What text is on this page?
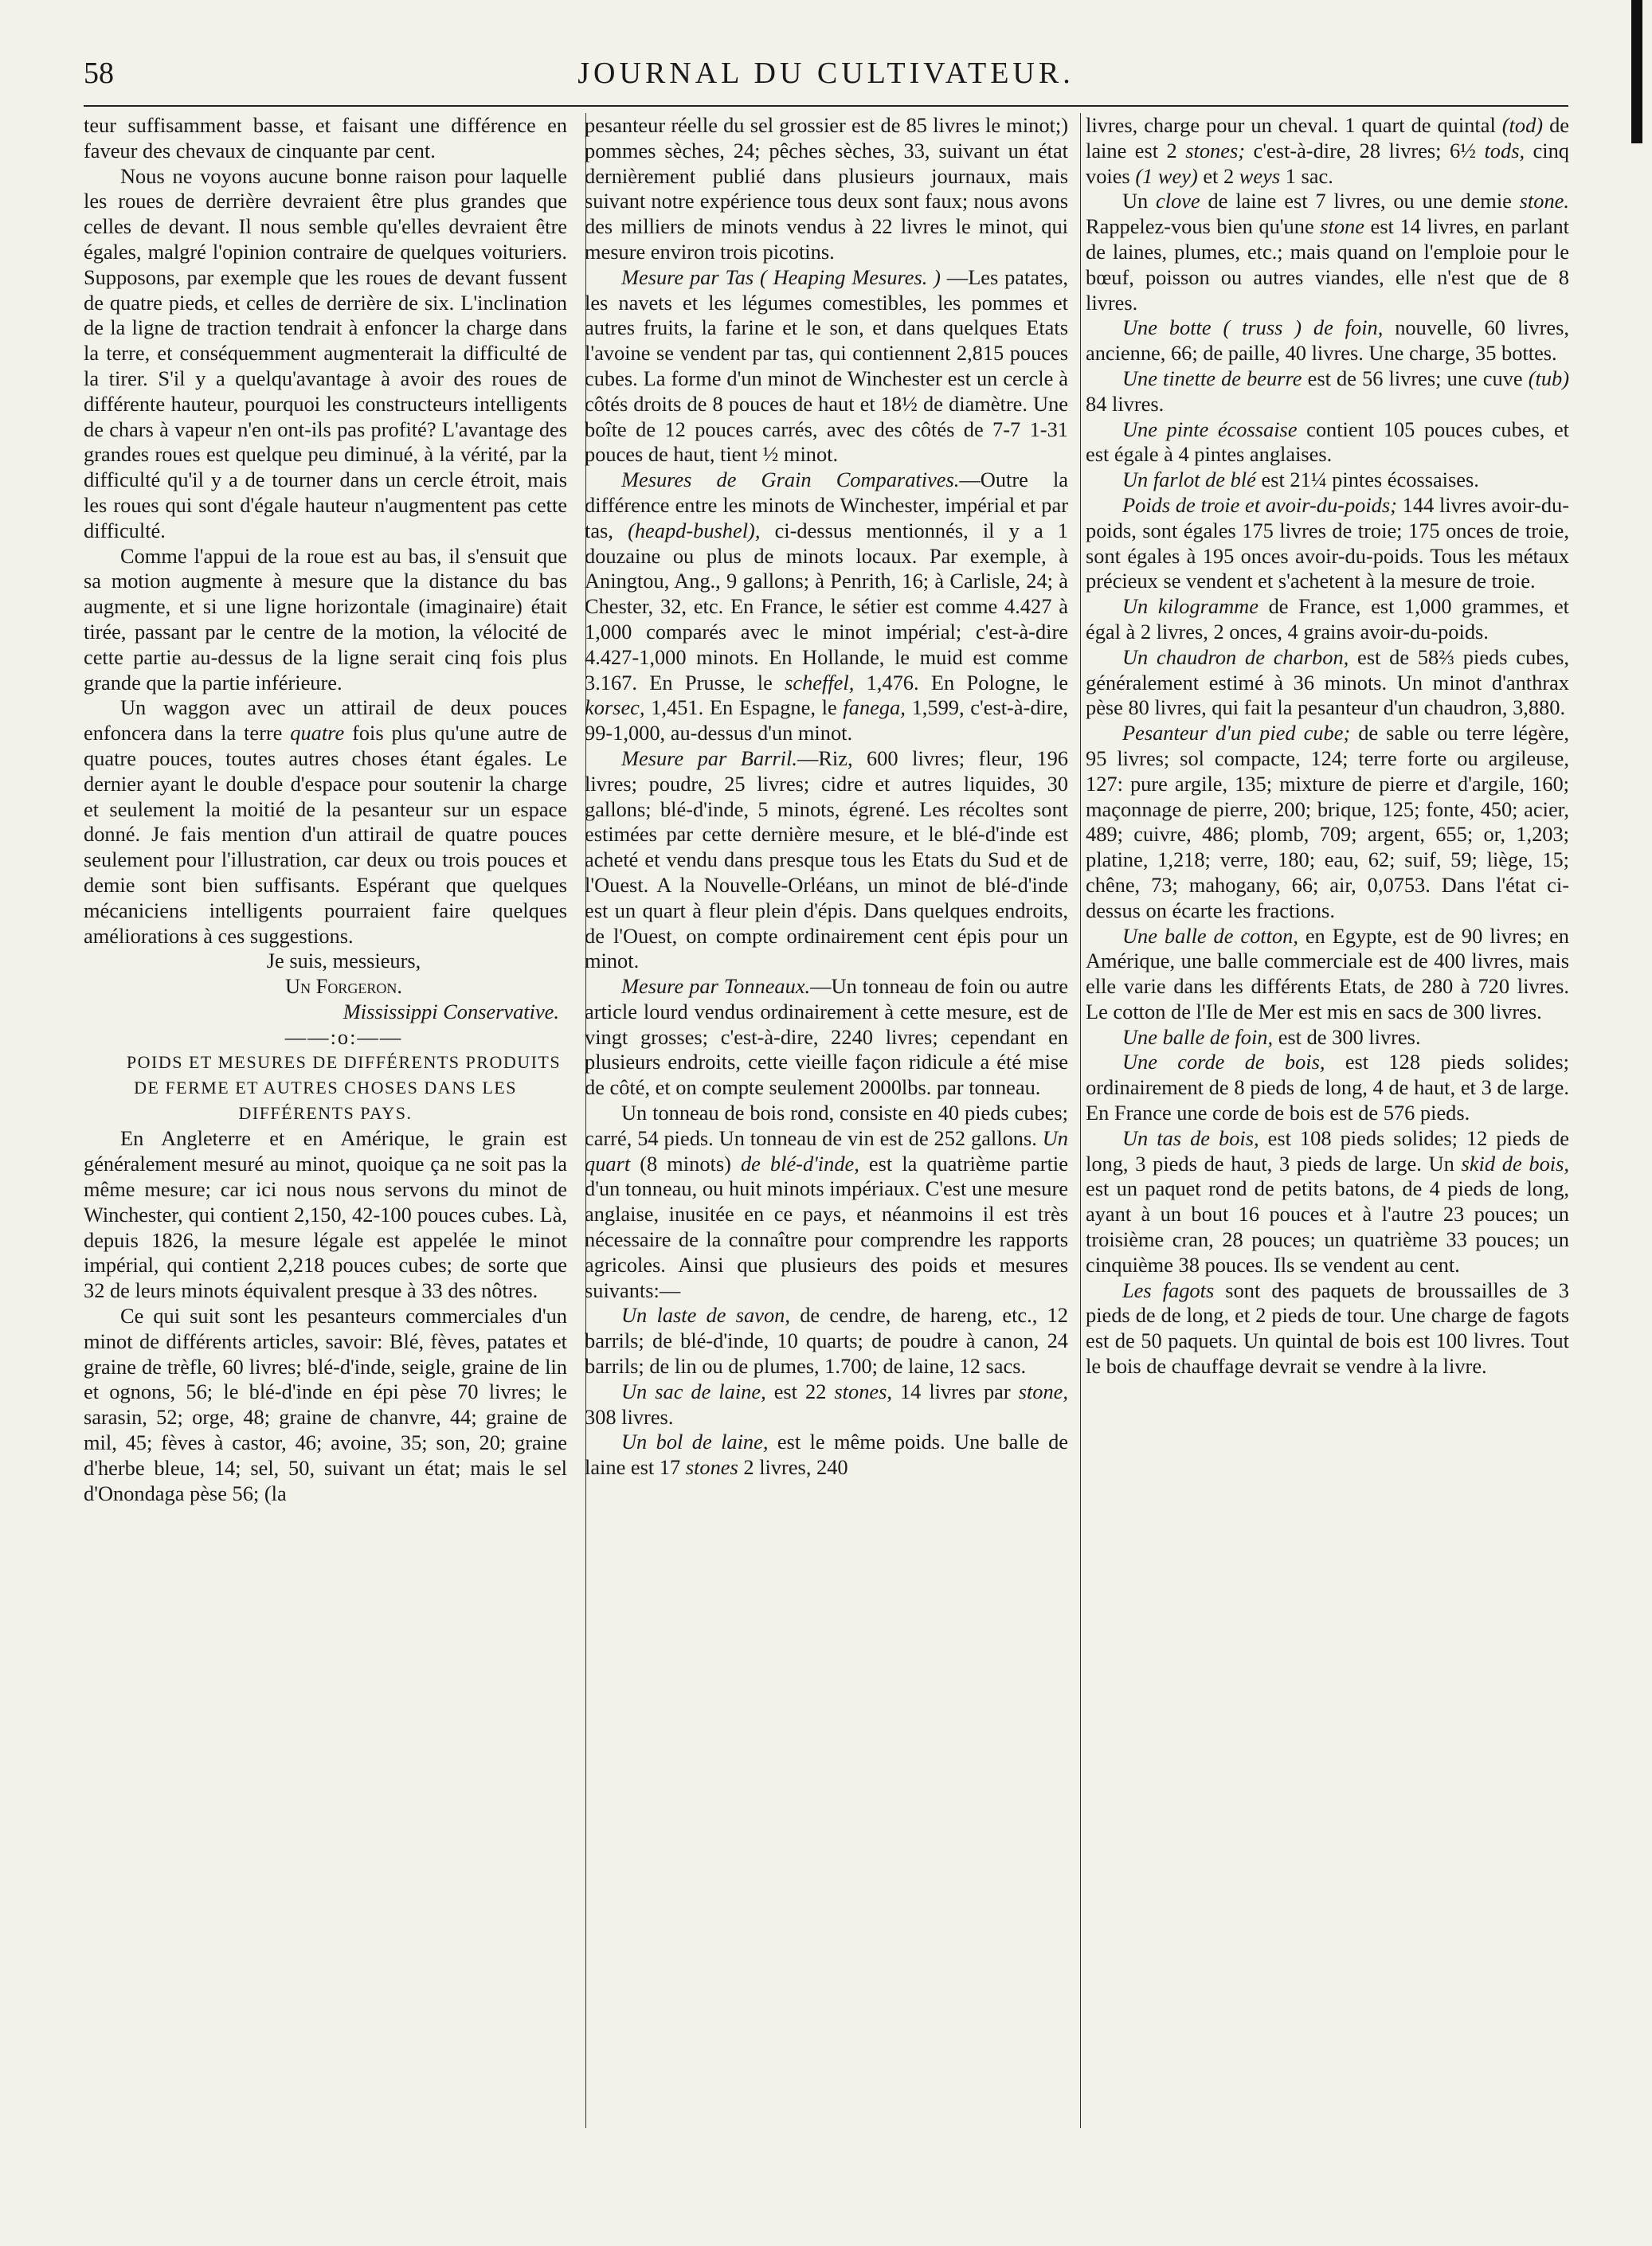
58	JOURNAL DU CULTIVATEUR.

teur suffisamment basse, et faisant une différence en faveur des chevaux de cinquante par cent.

Nous ne voyons aucune bonne raison pour laquelle les roues de derrière devraient être plus grandes que celles de devant. Il nous semble qu'elles devraient être égales, malgré l'opinion contraire de quelques voituriers. Supposons, par exemple que les roues de devant fussent de quatre pieds, et celles de derrière de six. L'inclination de la ligne de traction tendrait à enfoncer la charge dans la terre, et conséquemment augmenterait la difficulté de la tirer. S'il y a quelqu'avantage à avoir des roues de différente hauteur, pourquoi les constructeurs intelligents de chars à vapeur n'en ont-ils pas profité? L'avantage des grandes roues est quelque peu diminué, à la vérité, par la difficulté qu'il y a de tourner dans un cercle étroit, mais les roues qui sont d'égale hauteur n'augmentent pas cette difficulté.

Comme l'appui de la roue est au bas, il s'ensuit que sa motion augmente à mesure que la distance du bas augmente, et si une ligne horizontale (imaginaire) était tirée, passant par le centre de la motion, la vélocité de cette partie au-dessus de la ligne serait cinq fois plus grande que la partie inférieure.

Un waggon avec un attirail de deux pouces enfoncera dans la terre quatre fois plus qu'une autre de quatre pouces, toutes autres choses étant égales. Le dernier ayant le double d'espace pour soutenir la charge et seulement la moitié de la pesanteur sur un espace donné. Je fais mention d'un attirail de quatre pouces seulement pour l'illustration, car deux ou trois pouces et demie sont bien suffisants. Espérant que quelques mécaniciens intelligents pourraient faire quelques améliorations à ces suggestions.

Je suis, messieurs,

Un Forgeron.

Mississippi Conservative.

——:o:——

POIDS ET MESURES DE DIFFÉRENTS PRODUITS DE FERME ET AUTRES CHOSES DANS LES DIFFÉRENTS PAYS.

En Angleterre et en Amérique, le grain est généralement mesuré au minot, quoique ça ne soit pas la même mesure; car ici nous nous servons du minot de Winchester, qui contient 2,150, 42-100 pouces cubes. Là, depuis 1826, la mesure légale est appelée le minot impérial, qui contient 2,218 pouces cubes; de sorte que 32 de leurs minots équivalent presque à 33 des nôtres.

Ce qui suit sont les pesanteurs commerciales d'un minot de différents articles, savoir: Blé, fèves, patates et graine de trèfle, 60 livres; blé-d'inde, seigle, graine de lin et ognons, 56; le blé-d'inde en épi pèse 70 livres; le sarasin, 52; orge, 48; graine de chanvre, 44; graine de mil, 45; fèves à castor, 46; avoine, 35; son, 20; graine d'herbe bleue, 14; sel, 50, suivant un état; mais le sel d'Onondaga pèse 56; (la

pesanteur réelle du sel grossier est de 85 livres le minot;) pommes sèches, 24; pêches sèches, 33, suivant un état dernièrement publié dans plusieurs journaux, mais suivant notre expérience tous deux sont faux; nous avons des milliers de minots vendus à 22 livres le minot, qui mesure environ trois picotins.

Mesure par Tas ( Heaping Mesures. ) —Les patates, les navets et les légumes comestibles, les pommes et autres fruits, la farine et le son, et dans quelques Etats l'avoine se vendent par tas, qui contiennent 2,815 pouces cubes. La forme d'un minot de Winchester est un cercle à côtés droits de 8 pouces de haut et 18½ de diamètre. Une boîte de 12 pouces carrés, avec des côtés de 7-7 1-31 pouces de haut, tient ½ minot.

Mesures de Grain Comparatives.—Outre la différence entre les minots de Winchester, impérial et par tas, (heapd-bushel), ci-dessus mentionnés, il y a 1 douzaine ou plus de minots locaux. Par exemple, à Aningtou, Ang., 9 gallons; à Penrith, 16; à Carlisle, 24; à Chester, 32, etc. En France, le sétier est comme 4.427 à 1,000 comparés avec le minot impérial; c'est-à-dire 4.427-1,000 minots. En Hollande, le muid est comme 3.167. En Prusse, le scheffel, 1,476. En Pologne, le korsec, 1,451. En Espagne, le fanega, 1,599, c'est-à-dire, 99-1,000, au-dessus d'un minot.

Mesure par Barril.—Riz, 600 livres; fleur, 196 livres; poudre, 25 livres; cidre et autres liquides, 30 gallons; blé-d'inde, 5 minots, égrené. Les récoltes sont estimées par cette dernière mesure, et le blé-d'inde est acheté et vendu dans presque tous les Etats du Sud et de l'Ouest. A la Nouvelle-Orléans, un minot de blé-d'inde est un quart à fleur plein d'épis. Dans quelques endroits, de l'Ouest, on compte ordinairement cent épis pour un minot.

Mesure par Tonneaux.—Un tonneau de foin ou autre article lourd vendus ordinairement à cette mesure, est de vingt grosses; c'est-à-dire, 2240 livres; cependant en plusieurs endroits, cette vieille façon ridicule a été mise de côté, et on compte seulement 2000lbs. par tonneau.

Un tonneau de bois rond, consiste en 40 pieds cubes; carré, 54 pieds. Un tonneau de vin est de 252 gallons. Un quart (8 minots) de blé-d'inde, est la quatrième partie d'un tonneau, ou huit minots impériaux. C'est une mesure anglaise, inusitée en ce pays, et néanmoins il est très nécessaire de la connaître pour comprendre les rapports agricoles. Ainsi que plusieurs des poids et mesures suivants:—

Un laste de savon, de cendre, de hareng, etc., 12 barrils; de blé-d'inde, 10 quarts; de poudre à canon, 24 barrils; de lin ou de plumes, 1.700; de laine, 12 sacs.

Un sac de laine, est 22 stones, 14 livres par stone, 308 livres.

Un bol de laine, est le même poids. Une balle de laine est 17 stones 2 livres, 240

livres, charge pour un cheval. 1 quart de quintal (tod) de laine est 2 stones; c'est-à-dire, 28 livres; 6½ tods, cinq voies (1 wey) et 2 weys 1 sac.

Un clove de laine est 7 livres, ou une demie stone. Rappelez-vous bien qu'une stone est 14 livres, en parlant de laines, plumes, etc.; mais quand on l'emploie pour le bœuf, poisson ou autres viandes, elle n'est que de 8 livres.

Une botte ( truss ) de foin, nouvelle, 60 livres, ancienne, 66; de paille, 40 livres. Une charge, 35 bottes.

Une tinette de beurre est de 56 livres; une cuve (tub) 84 livres.

Une pinte écossaise contient 105 pouces cubes, et est égale à 4 pintes anglaises.

Un farlot de blé est 21¼ pintes écossaises.

Poids de troie et avoir-du-poids; 144 livres avoir-du-poids, sont égales 175 livres de troie; 175 onces de troie, sont égales à 195 onces avoir-du-poids. Tous les métaux précieux se vendent et s'achetent à la mesure de troie.

Un kilogramme de France, est 1,000 grammes, et égal à 2 livres, 2 onces, 4 grains avoir-du-poids.

Un chaudron de charbon, est de 58⅔ pieds cubes, généralement estimé à 36 minots. Un minot d'anthrax pèse 80 livres, qui fait la pesanteur d'un chaudron, 3,880.

Pesanteur d'un pied cube; de sable ou terre légère, 95 livres; sol compacte, 124; terre forte ou argileuse, 127: pure argile, 135; mixture de pierre et d'argile, 160; maçonnage de pierre, 200; brique, 125; fonte, 450; acier, 489; cuivre, 486; plomb, 709; argent, 655; or, 1,203; platine, 1,218; verre, 180; eau, 62; suif, 59; liège, 15; chêne, 73; mahogany, 66; air, 0,0753. Dans l'état ci-dessus on écarte les fractions.

Une balle de cotton, en Egypte, est de 90 livres; en Amérique, une balle commerciale est de 400 livres, mais elle varie dans les différents Etats, de 280 à 720 livres. Le cotton de l'Ile de Mer est mis en sacs de 300 livres.

Une balle de foin, est de 300 livres.

Une corde de bois, est 128 pieds solides; ordinairement de 8 pieds de long, 4 de haut, et 3 de large. En France une corde de bois est de 576 pieds.

Un tas de bois, est 108 pieds solides; 12 pieds de long, 3 pieds de haut, 3 pieds de large. Un skid de bois, est un paquet rond de petits batons, de 4 pieds de long, ayant à un bout 16 pouces et à l'autre 23 pouces; un troisième cran, 28 pouces; un quatrième 33 pouces; un cinquième 38 pouces. Ils se vendent au cent.

Les fagots sont des paquets de broussailles de 3 pieds de de long, et 2 pieds de tour. Une charge de fagots est de 50 paquets. Un quintal de bois est 100 livres. Tout le bois de chauffage devrait se vendre à la livre.
